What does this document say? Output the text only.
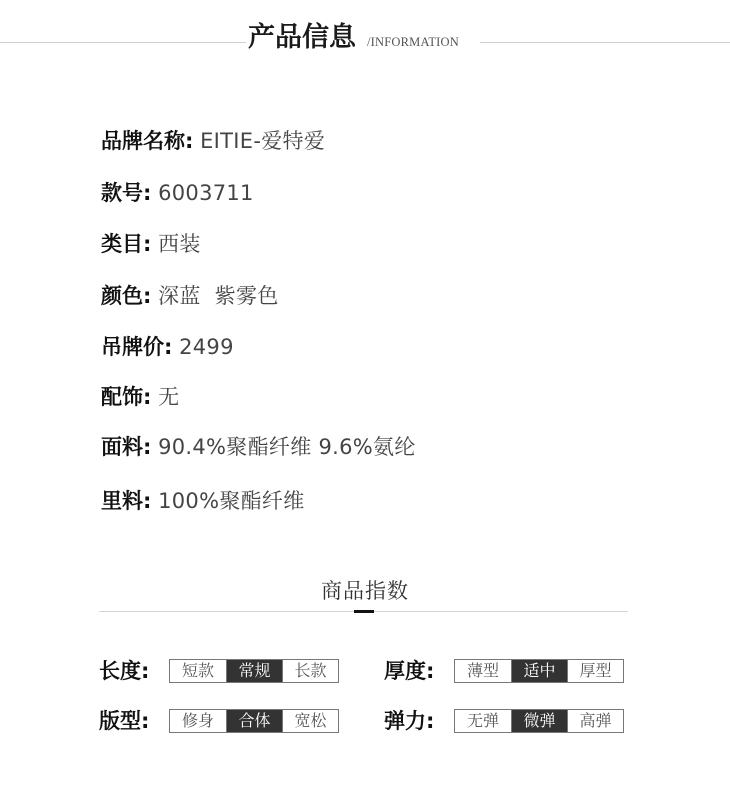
产品信息 /INFORMATION
品牌名称: EITIE-爱特爱
款号: 6003711
类目: 西装
颜色: 深蓝  紫雾色
吊牌价: 2499
配饰: 无
面料: 90.4%聚酯纤维 9.6%氨纶
里料: 100%聚酯纤维
商品指数
长度:	短款	常规	长款	厚度:	薄型	适中	厚型
版型:	修身	合体	宽松	弹力:	无弹	微弹	高弹
